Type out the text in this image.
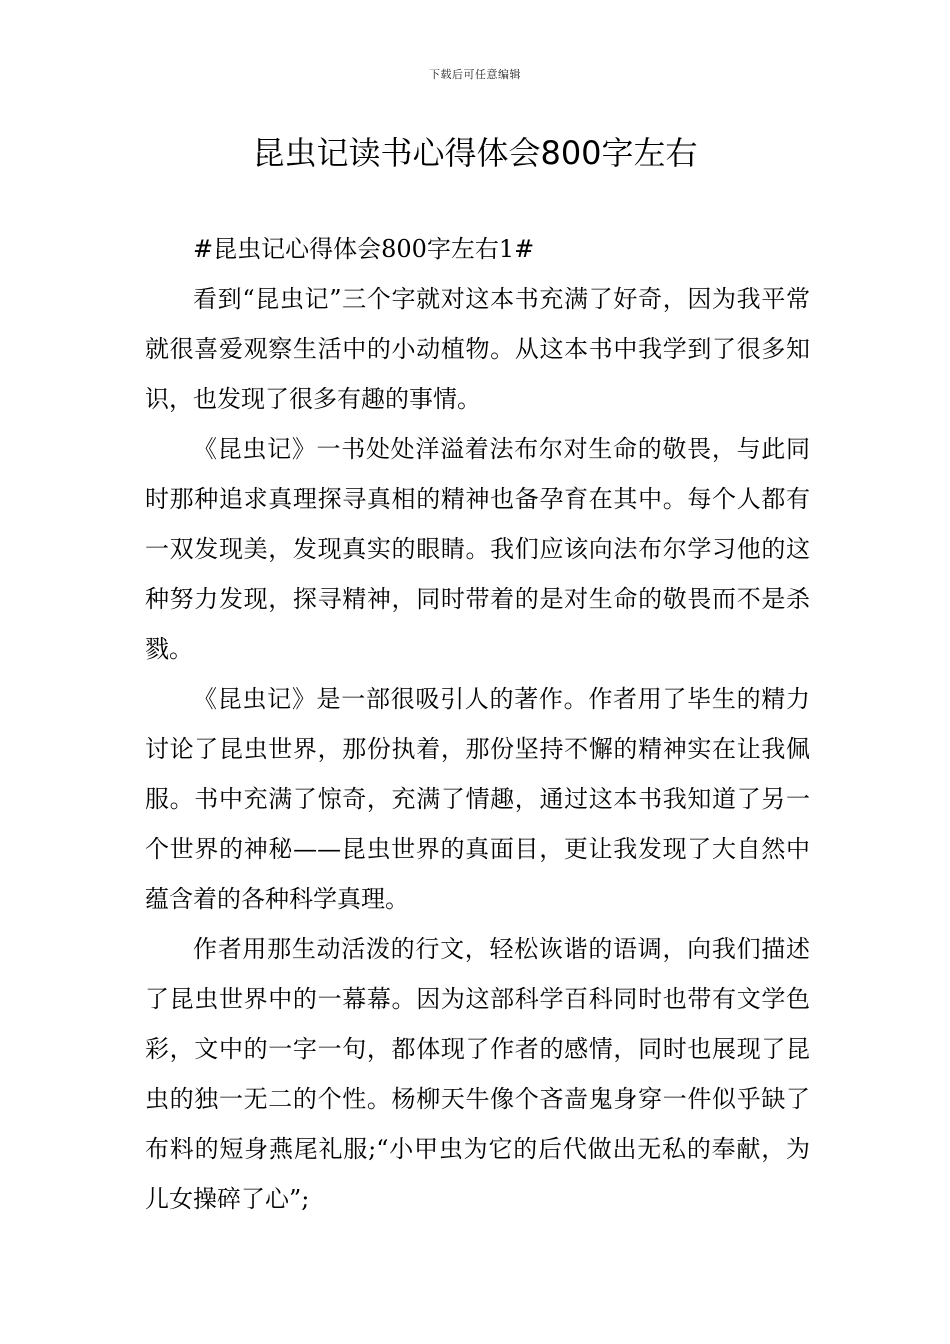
下载后可任意编辑
昆虫记读书心得体会800字左右

#昆虫记心得体会800字左右1#

看到“昆虫记”三个字就对这本书充满了好奇，因为我平常就很喜爱观察生活中的小动植物。从这本书中我学到了很多知识，也发现了很多有趣的事情。

《昆虫记》一书处处洋溢着法布尔对生命的敬畏，与此同时那种追求真理探寻真相的精神也备孕育在其中。每个人都有一双发现美，发现真实的眼睛。我们应该向法布尔学习他的这种努力发现，探寻精神，同时带着的是对生命的敬畏而不是杀戮。

《昆虫记》是一部很吸引人的著作。作者用了毕生的精力讨论了昆虫世界，那份执着，那份坚持不懈的精神实在让我佩服。书中充满了惊奇，充满了情趣，通过这本书我知道了另一个世界的神秘——昆虫世界的真面目，更让我发现了大自然中蕴含着的各种科学真理。

作者用那生动活泼的行文，轻松诙谐的语调，向我们描述了昆虫世界中的一幕幕。因为这部科学百科同时也带有文学色彩，文中的一字一句，都体现了作者的感情，同时也展现了昆虫的独一无二的个性。杨柳天牛像个吝啬鬼身穿一件似乎缺了布料的短身燕尾礼服;“小甲虫为它的后代做出无私的奉献，为儿女操碎了心”;
